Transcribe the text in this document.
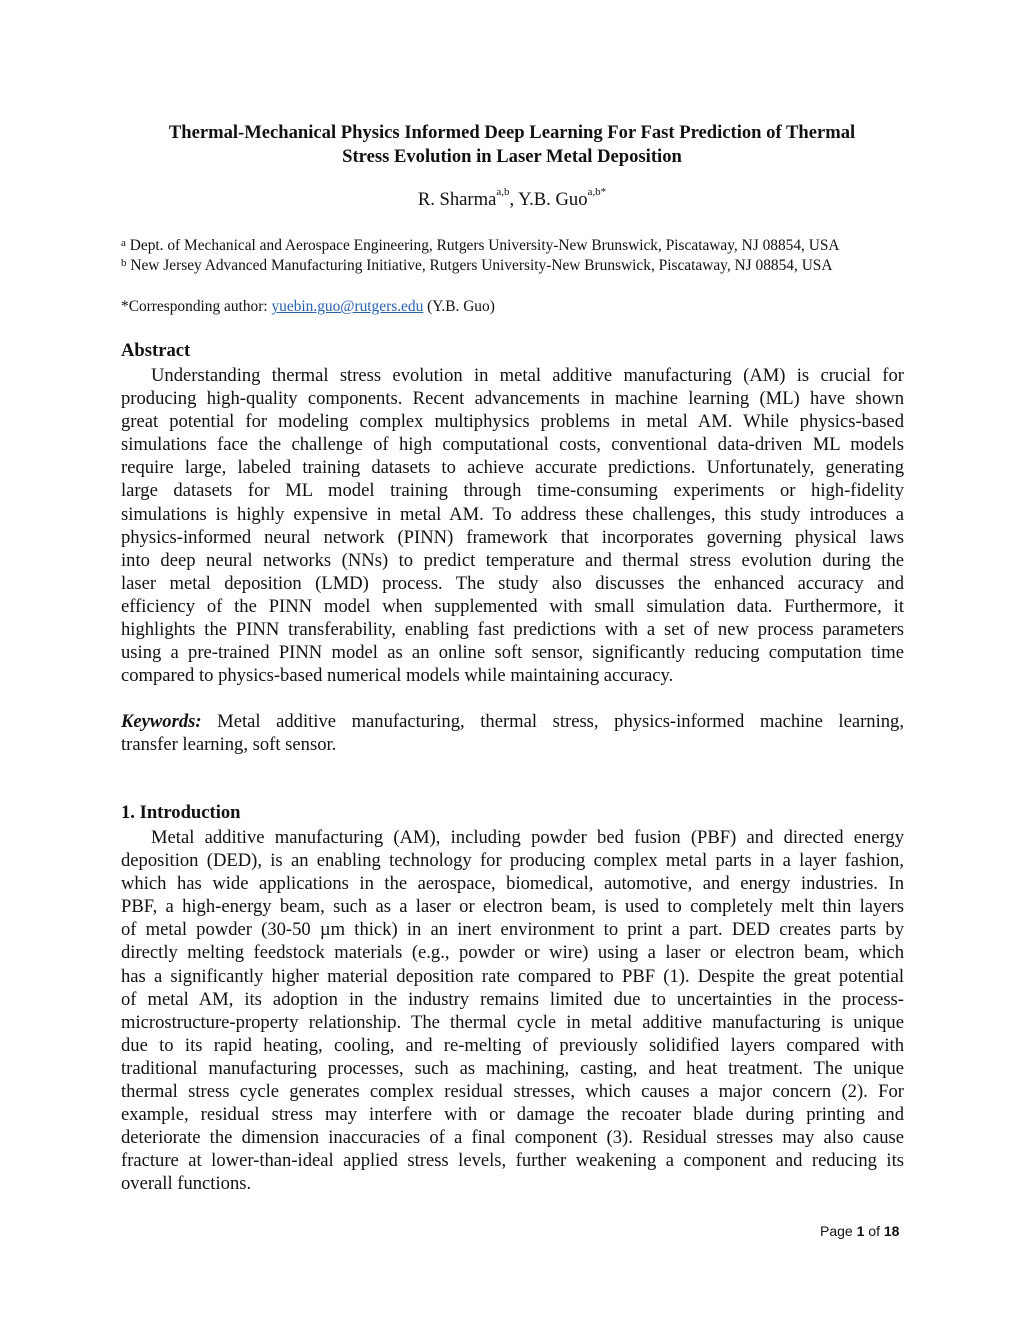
Thermal-Mechanical Physics Informed Deep Learning For Fast Prediction of Thermal
Stress Evolution in Laser Metal Deposition
R. Sharma$^{a,b}$, Y.B. Guo$^{a,b*}$
$^a$ Dept. of Mechanical and Aerospace Engineering, Rutgers University-New Brunswick, Piscataway, NJ 08854, USA
$^b$ New Jersey Advanced Manufacturing Initiative, Rutgers University-New Brunswick, Piscataway, NJ 08854, USA
*Corresponding author: yuebin.guo@rutgers.edu (Y.B. Guo)
Abstract
Understanding thermal stress evolution in metal additive manufacturing (AM) is crucial for
producing high-quality components. Recent advancements in machine learning (ML) have shown
great potential for modeling complex multiphysics problems in metal AM. While physics-based
simulations face the challenge of high computational costs, conventional data-driven ML models
require large, labeled training datasets to achieve accurate predictions. Unfortunately, generating
large datasets for ML model training through time-consuming experiments or high-fidelity
simulations is highly expensive in metal AM. To address these challenges, this study introduces a
physics-informed neural network (PINN) framework that incorporates governing physical laws
into deep neural networks (NNs) to predict temperature and thermal stress evolution during the
laser metal deposition (LMD) process. The study also discusses the enhanced accuracy and
efficiency of the PINN model when supplemented with small simulation data. Furthermore, it
highlights the PINN transferability, enabling fast predictions with a set of new process parameters
using a pre-trained PINN model as an online soft sensor, significantly reducing computation time
compared to physics-based numerical models while maintaining accuracy.
Keywords: Metal additive manufacturing, thermal stress, physics-informed machine learning,
transfer learning, soft sensor.
1. Introduction
Metal additive manufacturing (AM), including powder bed fusion (PBF) and directed energy
deposition (DED), is an enabling technology for producing complex metal parts in a layer fashion,
which has wide applications in the aerospace, biomedical, automotive, and energy industries. In
PBF, a high-energy beam, such as a laser or electron beam, is used to completely melt thin layers
of metal powder (30-50 µm thick) in an inert environment to print a part. DED creates parts by
directly melting feedstock materials (e.g., powder or wire) using a laser or electron beam, which
has a significantly higher material deposition rate compared to PBF (1). Despite the great potential
of metal AM, its adoption in the industry remains limited due to uncertainties in the process-
microstructure-property relationship. The thermal cycle in metal additive manufacturing is unique
due to its rapid heating, cooling, and re-melting of previously solidified layers compared with
traditional manufacturing processes, such as machining, casting, and heat treatment. The unique
thermal stress cycle generates complex residual stresses, which causes a major concern (2). For
example, residual stress may interfere with or damage the recoater blade during printing and
deteriorate the dimension inaccuracies of a final component (3). Residual stresses may also cause
fracture at lower-than-ideal applied stress levels, further weakening a component and reducing its
overall functions.
Page 1 of 18
